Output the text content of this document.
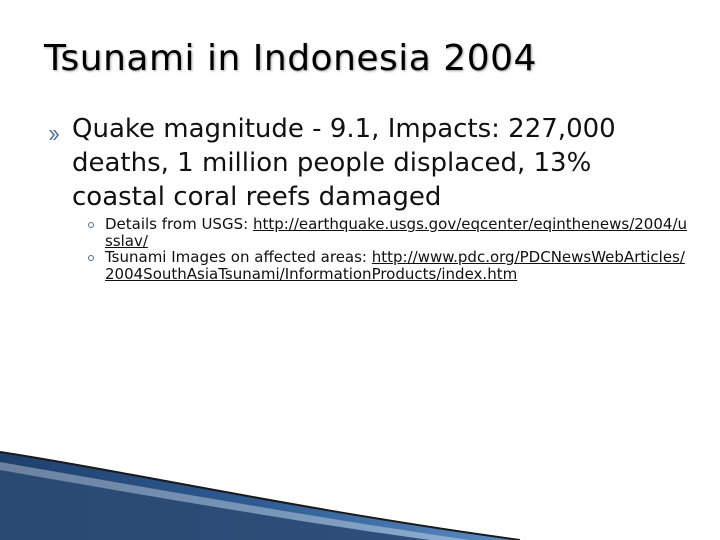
Tsunami in Indonesia 2004
Quake magnitude - 9.1, Impacts: 227,000 deaths, 1 million people displaced, 13% coastal coral reefs damaged
Details from USGS: http://earthquake.usgs.gov/eqcenter/eqinthenews/2004/usslav/
Tsunami Images on affected areas: http://www.pdc.org/PDCNewsWebArticles/2004SouthAsiaTsunami/InformationProducts/index.htm
